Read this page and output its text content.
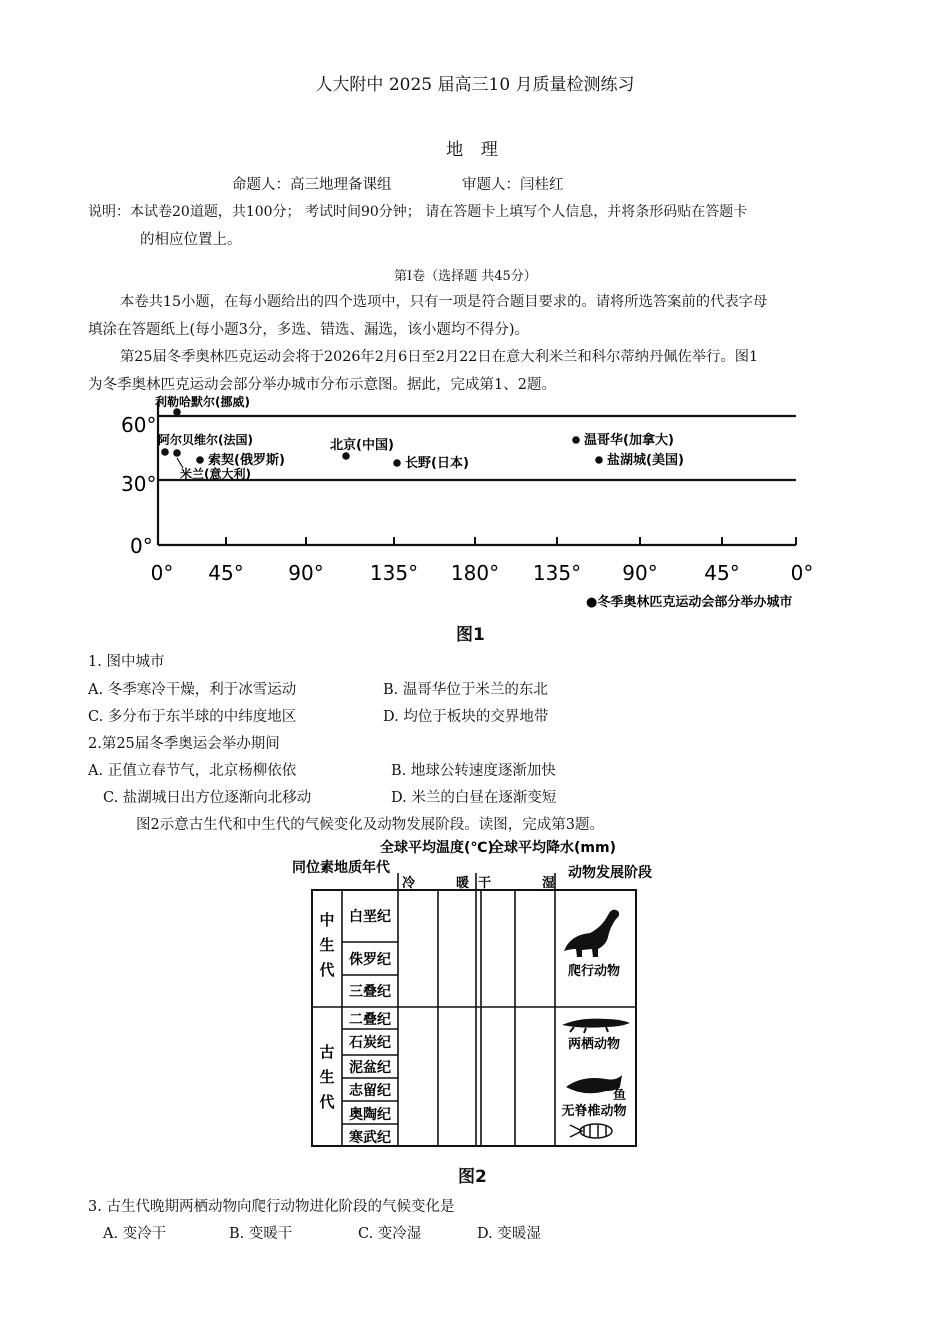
人大附中 2025 届高三10 月质量检测练习
地 理
命题人：高三地理备课组	审题人：闫桂红
说明：本试卷20道题，共100分； 考试时间90分钟； 请在答题卡上填写个人信息，并将条形码贴在答题卡
的相应位置上。
第Ⅰ卷（选择题 共45分）
本卷共15小题，在每小题给出的四个选项中，只有一项是符合题目要求的。请将所选答案前的代表字母
填涂在答题纸上(每小题3分，多选、错选、漏选，该小题均不得分)。
第25届冬季奥林匹克运动会将于2026年2月6日至2月22日在意大利米兰和科尔蒂纳丹佩佐举行。图1
为冬季奥林匹克运动会部分举办城市分布示意图。据此，完成第1、2题。
60°
30°
0°
0° 45° 90° 135° 180° 135° 90° 45°	0°
利勒哈默尔(挪威)
阿尔贝维尔(法国)
索契(俄罗斯)
米兰(意大利)
北京(中国)
长野(日本)
温哥华(加拿大)
盐湖城(美国)
●冬季奥林匹克运动会部分举办城市
图1
1. 图中城市
A. 冬季寒冷干燥，利于冰雪运动	B. 温哥华位于米兰的东北
C. 多分布于东半球的中纬度地区	D. 均位于板块的交界地带
2.第25届冬季奥运会举办期间
A. 正值立春节气，北京杨柳依依	B. 地球公转速度逐渐加快
C. 盐湖城日出方位逐渐向北移动	D. 米兰的白昼在逐渐变短
图2示意古生代和中生代的气候变化及动物发展阶段。读图，完成第3题。
全球平均温度(℃)
全球平均降水(mm)
同位素地质年代	动物发展阶段
冷	暖 干	湿
中
生
代
古
生
代
白垩纪
侏罗纪
三叠纪
二叠纪
石炭纪
泥盆纪
志留纪
奥陶纪
寒武纪
爬行动物
两栖动物
鱼
无脊椎动物
图2
3. 古生代晚期两栖动物向爬行动物进化阶段的气候变化是
A. 变冷干	B. 变暖干	C. 变冷湿	D. 变暖湿
